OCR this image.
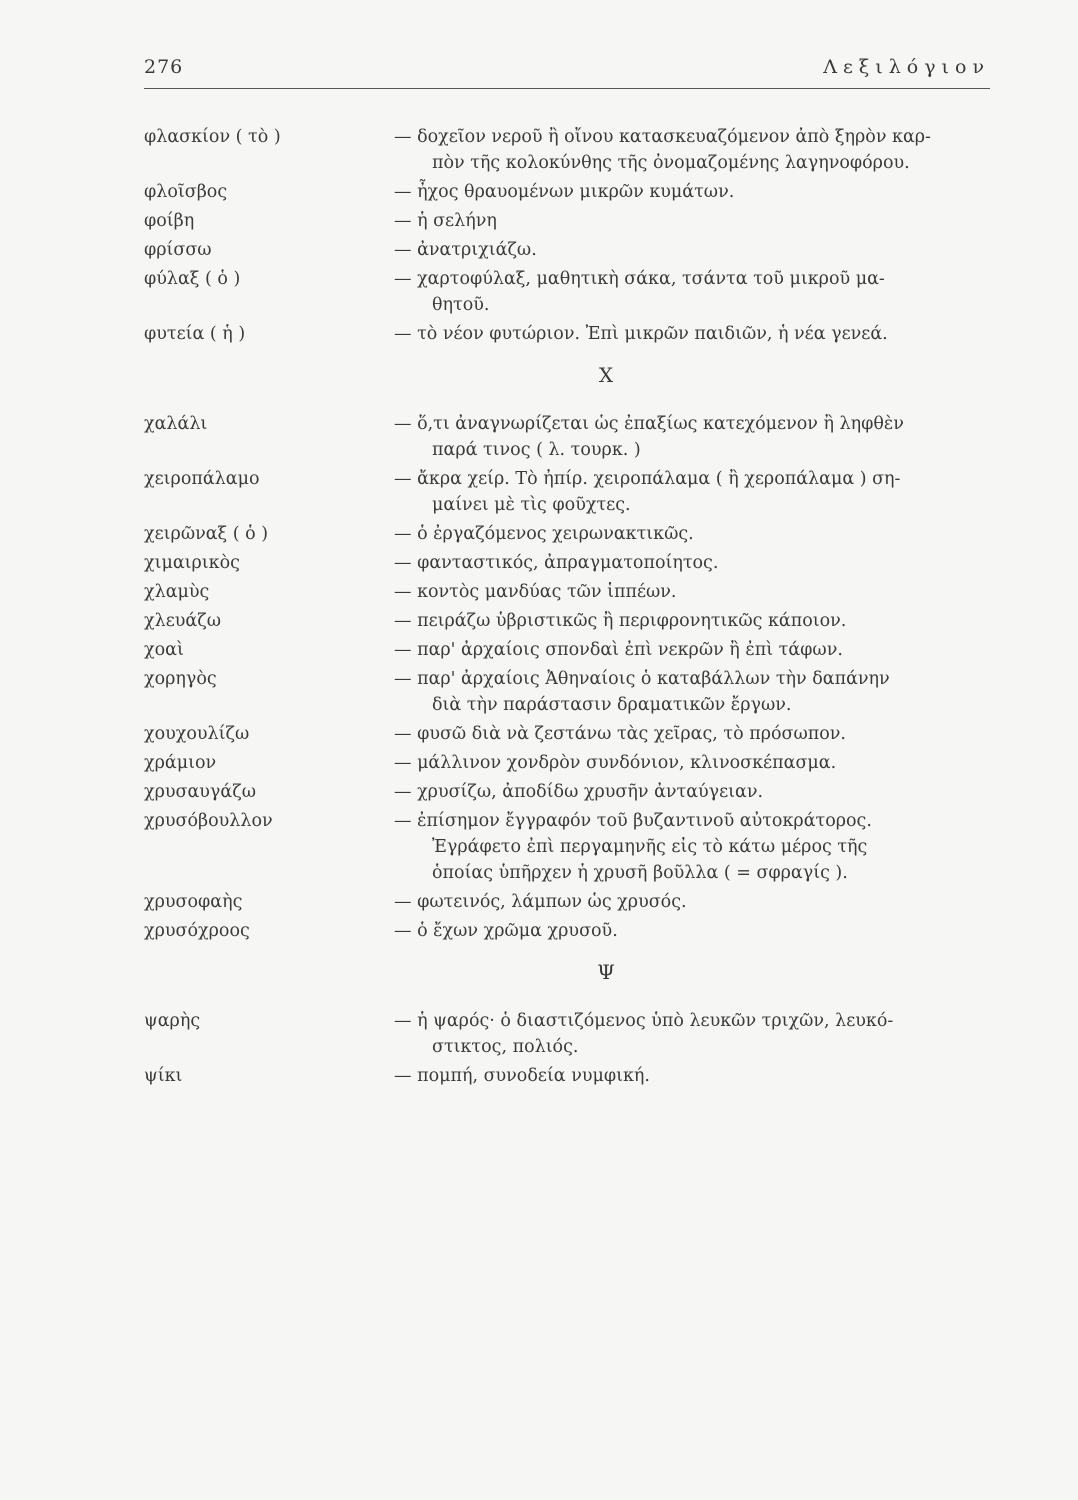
276	Λεξιλόγιον
φλασκίον ( τὸ )	— δοχεῖον νεροῦ ἢ οἴνου κατασκευαζόμενον ἀπὸ ξηρὸν καρ-
πὸν τῆς κολοκύνθης τῆς ὀνομαζομένης λαγηνοφόρου.
φλοῖσβος	— ἦχος θραυομένων μικρῶν κυμάτων.
φοίβη	— ἡ σελήνη
φρίσσω	— ἀνατριχιάζω.
φύλαξ ( ὁ )	— χαρτοφύλαξ, μαθητικὴ σάκα, τσάντα τοῦ μικροῦ μα-
θητοῦ.
φυτεία ( ἡ )	— τὸ νέον φυτώριον. Ἐπὶ μικρῶν παιδιῶν, ἡ νέα γενεά.
Χ
χαλάλι	— ὅ,τι ἀναγνωρίζεται ὡς ἐπαξίως κατεχόμενον ἢ ληφθὲν
παρά τινος ( λ. τουρκ. )
χειροπάλαμο	— ἄκρα χείρ. Τὸ ἠπίρ. χειροπάλαμα ( ἢ χεροπάλαμα ) ση-
μαίνει μὲ τὶς φοῦχτες.
χειρῶναξ ( ὁ )	— ὁ ἐργαζόμενος χειρωνακτικῶς.
χιμαιρικὸς	— φανταστικός, ἀπραγματοποίητος.
χλαμὺς	— κοντὸς μανδύας τῶν ἱππέων.
χλευάζω	— πειράζω ὑβριστικῶς ἢ περιφρονητικῶς κάποιον.
χοαὶ	— παρ' ἀρχαίοις σπονδαὶ ἐπὶ νεκρῶν ἢ ἐπὶ τάφων.
χορηγὸς	— παρ' ἀρχαίοις Ἀθηναίοις ὁ καταβάλλων τὴν δαπάνην
διὰ τὴν παράστασιν δραματικῶν ἔργων.
χουχουλίζω	— φυσῶ διὰ νὰ ζεστάνω τὰς χεῖρας, τὸ πρόσωπον.
χράμιον	— μάλλινον χονδρὸν συνδόνιον, κλινοσκέπασμα.
χρυσαυγάζω	— χρυσίζω, ἀποδίδω χρυσῆν ἀνταύγειαν.
χρυσόβουλλον	— ἐπίσημον ἔγγραφόν τοῦ βυζαντινοῦ αὐτοκράτορος.
Ἐγράφετο ἐπὶ περγαμηνῆς εἰς τὸ κάτω μέρος τῆς
ὁποίας ὑπῆρχεν ἡ χρυσῆ βοῦλλα ( = σφραγίς ).
χρυσοφαὴς	— φωτεινός, λάμπων ὡς χρυσός.
χρυσόχροος	— ὁ ἔχων χρῶμα χρυσοῦ.
Ψ
ψαρὴς	— ἡ ψαρός· ὁ διαστιζόμενος ὑπὸ λευκῶν τριχῶν, λευκό-
στικτος, πολιός.
ψίκι	— πομπή, συνοδεία νυμφική.
